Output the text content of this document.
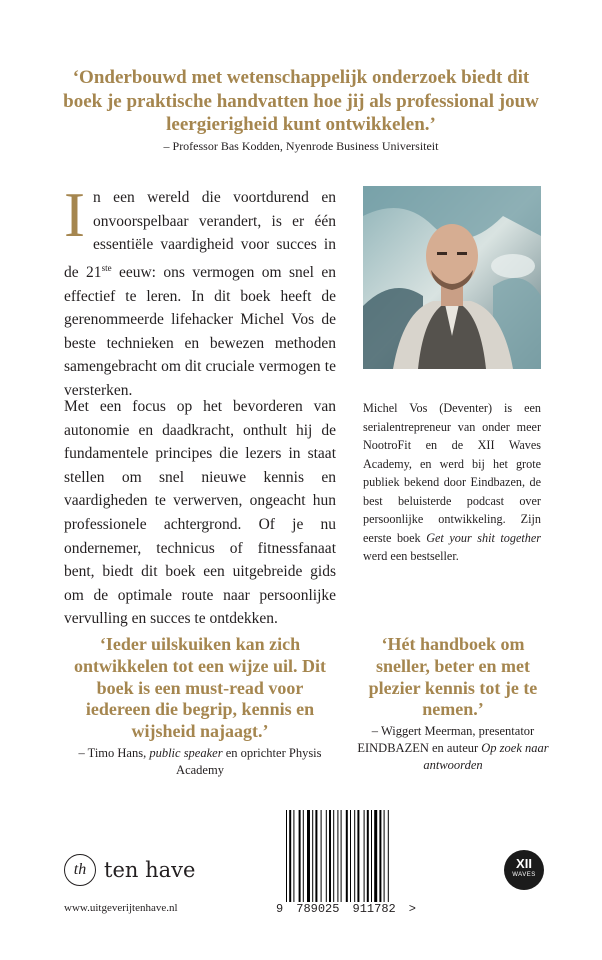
‘Onderbouwd met wetenschappelijk onderzoek biedt dit boek je praktische handvatten hoe jij als professional jouw leergierigheid kunt ontwikkelen.’
– Professor Bas Kodden, Nyenrode Business Universiteit
In een wereld die voortdurend en onvoorspelbaar verandert, is er één essentiële vaardigheid voor succes in de 21ste eeuw: ons vermogen om snel en effectief te leren. In dit boek heeft de gerenommeerde lifehacker Michel Vos de beste technieken en bewezen methoden samengebracht om dit cruciale vermogen te versterken.
Met een focus op het bevorderen van autonomie en daadkracht, onthult hij de fundamentele principes die lezers in staat stellen om snel nieuwe kennis en vaardigheden te verwerven, ongeacht hun professionele achtergrond. Of je nu ondernemer, technicus of fitnessfanaat bent, biedt dit boek een uitgebreide gids om de optimale route naar persoonlijke vervulling en succes te ontdekken.
Michel Vos (Deventer) is een serialentrepreneur van onder meer NootroFit en de XII Waves Academy, en werd bij het grote publiek bekend door Eindbazen, de best beluisterde podcast over persoonlijke ontwikkeling. Zijn eerste boek Get your shit together werd een bestseller.
‘Ieder uilskuiken kan zich ontwikkelen tot een wijze uil. Dit boek is een must-read voor iedereen die begrip, kennis en wijsheid najaagt.’
– Timo Hans, public speaker en oprichter Physis Academy
‘Hét handboek om sneller, beter en met plezier kennis tot je te nemen.’
– Wiggert Meerman, presentator EINDBAZEN en auteur Op zoek naar antwoorden
th ten have
www.uitgeverijtenhave.nl	9 789025 911782 >
XII
WAVES
